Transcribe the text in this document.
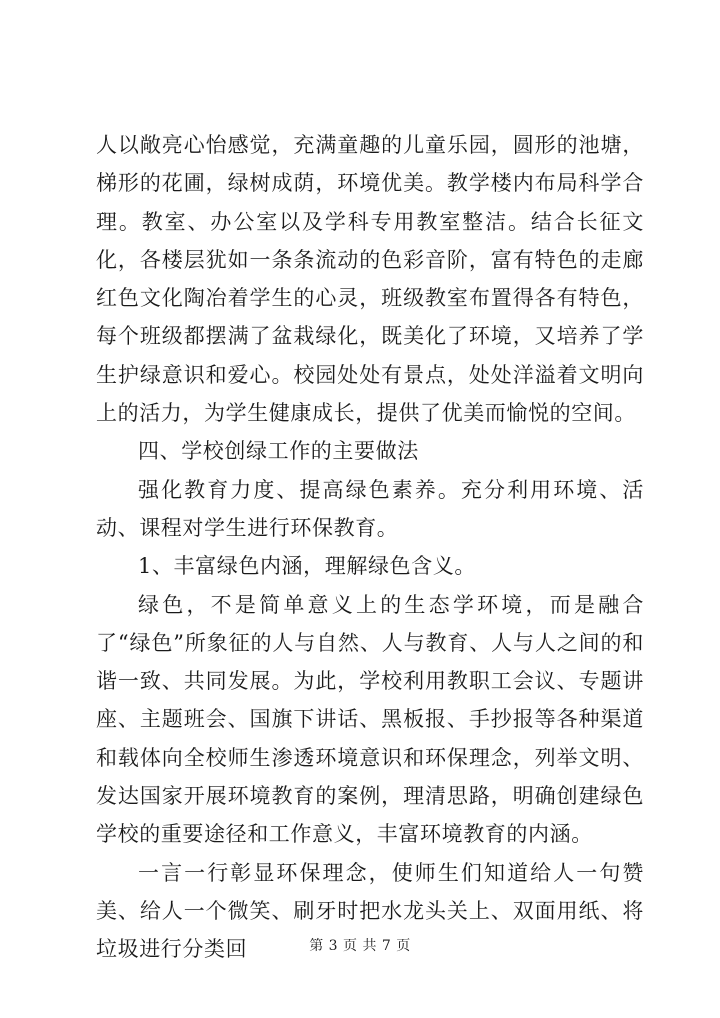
人以敞亮心怡感觉，充满童趣的儿童乐园，圆形的池塘，梯形的花圃，绿树成荫，环境优美。教学楼内布局科学合理。教室、办公室以及学科专用教室整洁。结合长征文化，各楼层犹如一条条流动的色彩音阶，富有特色的走廊红色文化陶冶着学生的心灵，班级教室布置得各有特色，每个班级都摆满了盆栽绿化，既美化了环境，又培养了学生护绿意识和爱心。校园处处有景点，处处洋溢着文明向上的活力，为学生健康成长，提供了优美而愉悦的空间。

四、学校创绿工作的主要做法

强化教育力度、提高绿色素养。充分利用环境、活动、课程对学生进行环保教育。

1、丰富绿色内涵，理解绿色含义。

绿色，不是简单意义上的生态学环境，而是融合了“绿色”所象征的人与自然、人与教育、人与人之间的和谐一致、共同发展。为此，学校利用教职工会议、专题讲座、主题班会、国旗下讲话、黑板报、手抄报等各种渠道和载体向全校师生渗透环境意识和环保理念，列举文明、发达国家开展环境教育的案例，理清思路，明确创建绿色学校的重要途径和工作意义，丰富环境教育的内涵。

一言一行彰显环保理念，使师生们知道给人一句赞美、给人一个微笑、刷牙时把水龙头关上、双面用纸、将垃圾进行分类回	第 3 页 共 7 页
